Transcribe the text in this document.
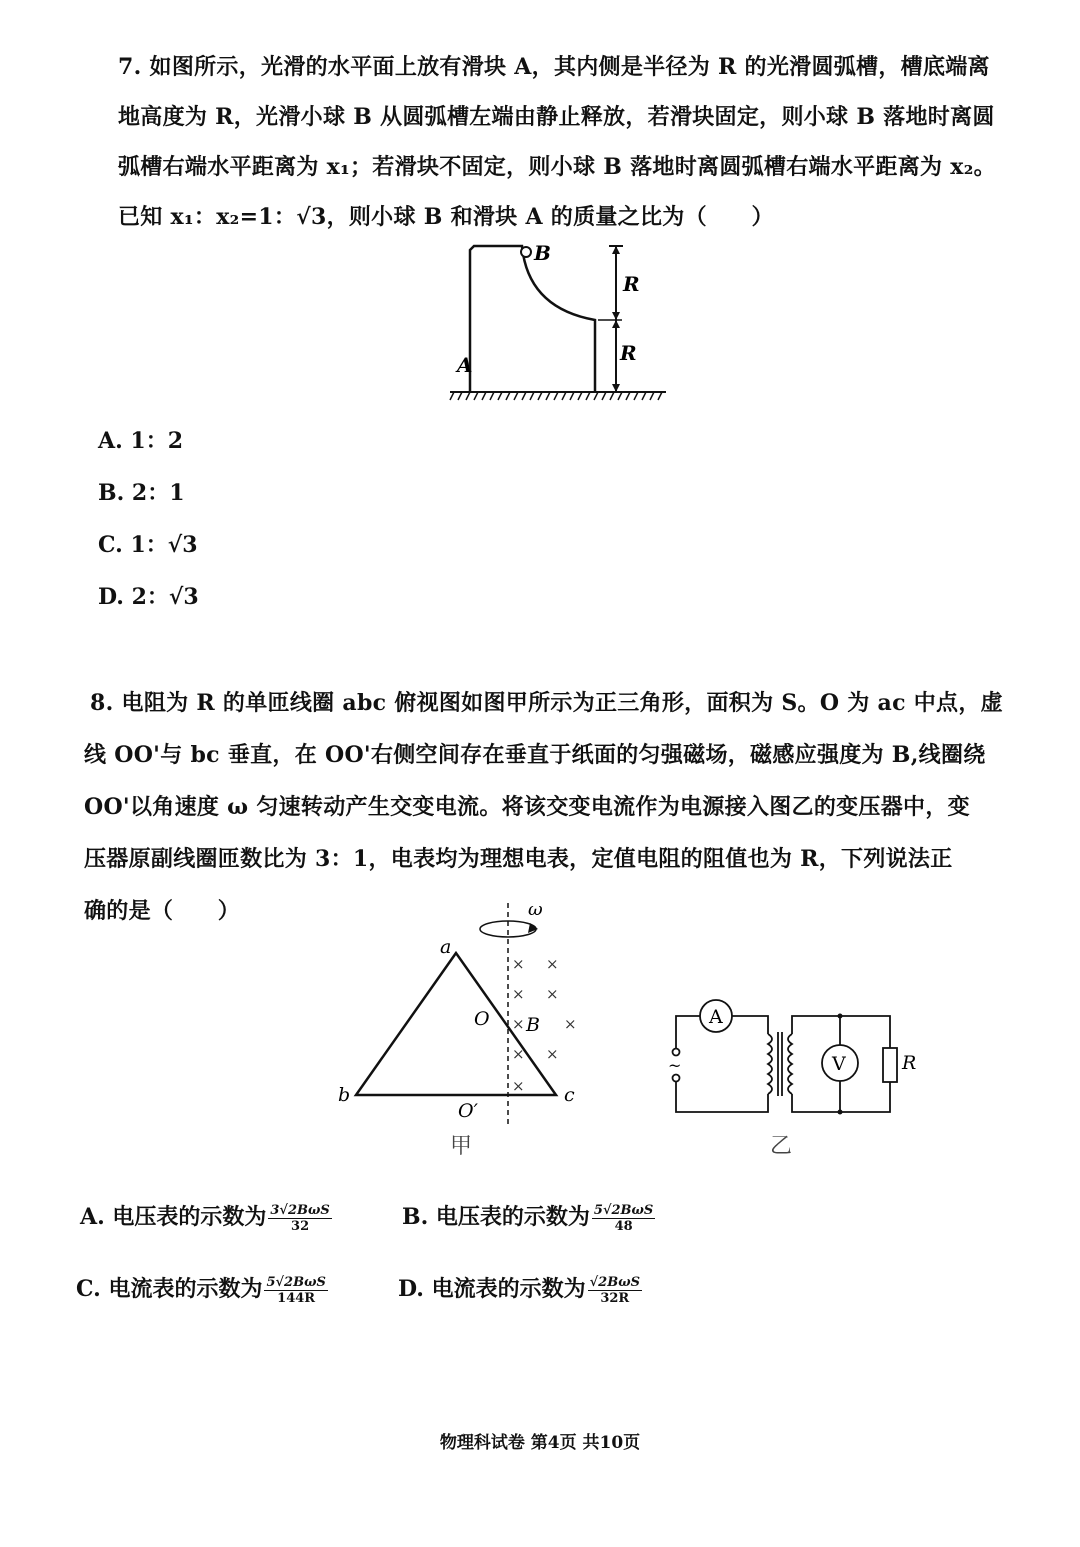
7. 如图所示，光滑的水平面上放有滑块 A，其内侧是半径为 R 的光滑圆弧槽，槽底端离
地高度为 R，光滑小球 B 从圆弧槽左端由静止释放，若滑块固定，则小球 B 落地时离圆
弧槽右端水平距离为 x₁；若滑块不固定，则小球 B 落地时离圆弧槽右端水平距离为 x₂。
已知 x₁：x₂=1：√3，则小球 B 和滑块 A 的质量之比为（　　）
A
B
R
R
A. 1：2
B. 2：1
C. 1：√3
D. 2：√3
8. 电阻为 R 的单匝线圈 abc 俯视图如图甲所示为正三角形，面积为 S。O 为 ac 中点，虚
线 OO'与 bc 垂直，在 OO'右侧空间存在垂直于纸面的匀强磁场，磁感应强度为 B,线圈绕
OO'以角速度 ω 匀速转动产生交变电流。将该交变电流作为电源接入图乙的变压器中，变
压器原副线圈匝数比为 3：1，电表均为理想电表，定值电阻的阻值也为 R，下列说法正
确的是（　　）	ω
× ×
× ×
×	×
× ×
×
a
b	c
O B
O′
甲
A
V	R
~
乙
A. 电压表的示数为 $\frac{\text{3√2BωS}}{32}$	B. 电压表的示数为 $\frac{\text{5√2BωS}}{48}$
C. 电流表的示数为 $\frac{\text{5√2BωS}}{144R}$	D. 电流表的示数为 $\frac{\text{√2BωS}}{32R}$
物理科试卷 第4页 共10页
